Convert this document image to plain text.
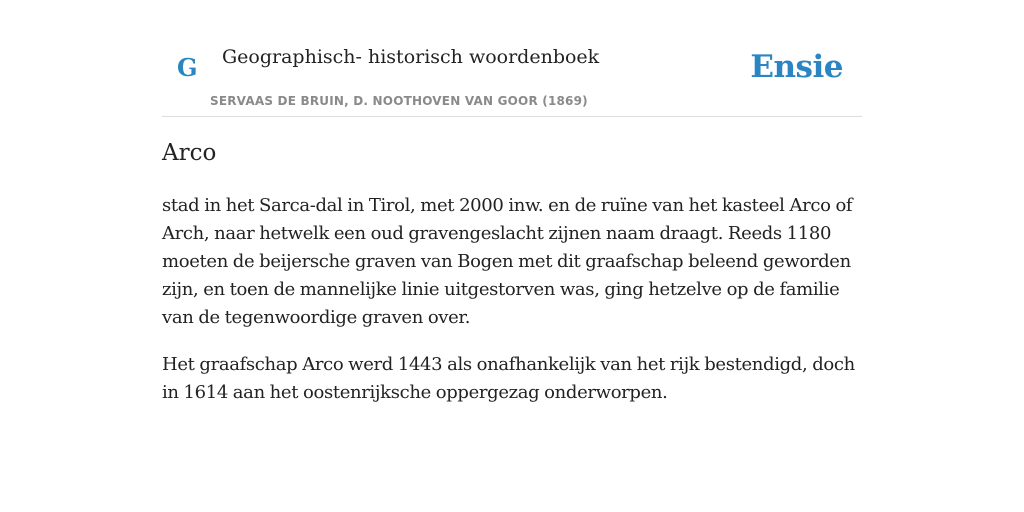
G Geographisch- historisch woordenboek
SERVAAS DE BRUIN, D. NOOTHOVEN VAN GOOR (1869)
Ensie
Arco

stad in het Sarca-dal in Tirol, met 2000 inw. en de ruïne van het kasteel Arco of Arch, naar hetwelk een oud gravengeslacht zijnen naam draagt. Reeds 1180 moeten de beijersche graven van Bogen met dit graafschap beleend geworden zijn, en toen de mannelijke linie uitgestorven was, ging hetzelve op de familie van de tegenwoordige graven over.

Het graafschap Arco werd 1443 als onafhankelijk van het rijk bestendigd, doch in 1614 aan het oostenrijksche oppergezag onderworpen.
